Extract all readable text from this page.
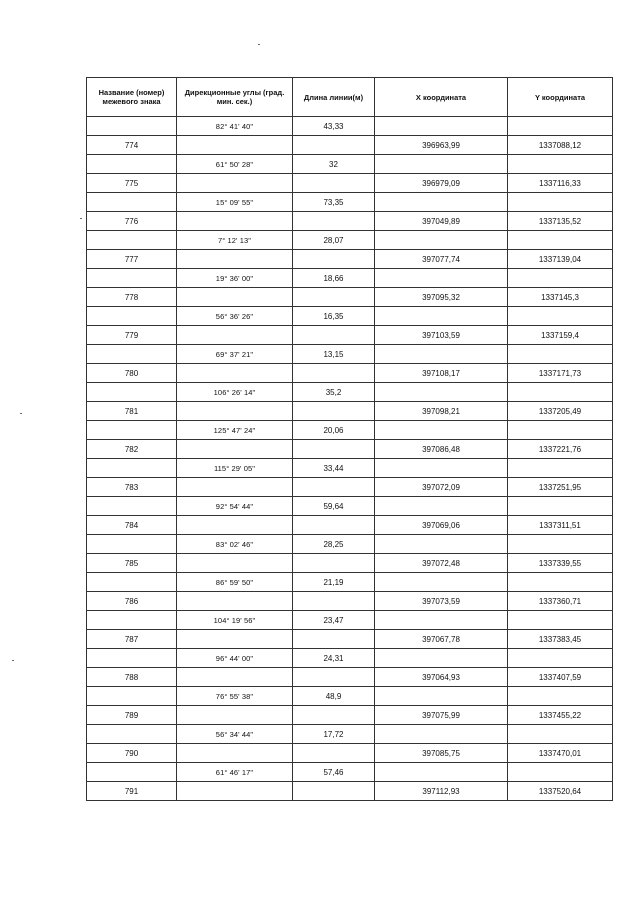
Название (номер) межевого знака	Дирекционные углы (град. мин. сек.)	Длина линии(м)	X координата	Y координата
	82° 41' 40"	43,33		
774			396963,99	1337088,12
	61° 50' 28"	32		
775			396979,09	1337116,33
	15° 09' 55"	73,35		
776			397049,89	1337135,52
	7° 12' 13"	28,07		
777			397077,74	1337139,04
	19° 36' 00"	18,66		
778			397095,32	1337145,3
	56° 36' 26"	16,35		
779			397103,59	1337159,4
	69° 37' 21"	13,15		
780			397108,17	1337171,73
	106° 26' 14"	35,2		
781			397098,21	1337205,49
	125° 47' 24"	20,06		
782			397086,48	1337221,76
	115° 29' 05"	33,44		
783			397072,09	1337251,95
	92° 54' 44"	59,64		
784			397069,06	1337311,51
	83° 02' 46"	28,25		
785			397072,48	1337339,55
	86° 59' 50"	21,19		
786			397073,59	1337360,71
	104° 19' 56"	23,47		
787			397067,78	1337383,45
	96° 44' 00"	24,31		
788			397064,93	1337407,59
	76° 55' 38"	48,9		
789			397075,99	1337455,22
	56° 34' 44"	17,72		
790			397085,75	1337470,01
	61° 46' 17"	57,46		
791			397112,93	1337520,64
